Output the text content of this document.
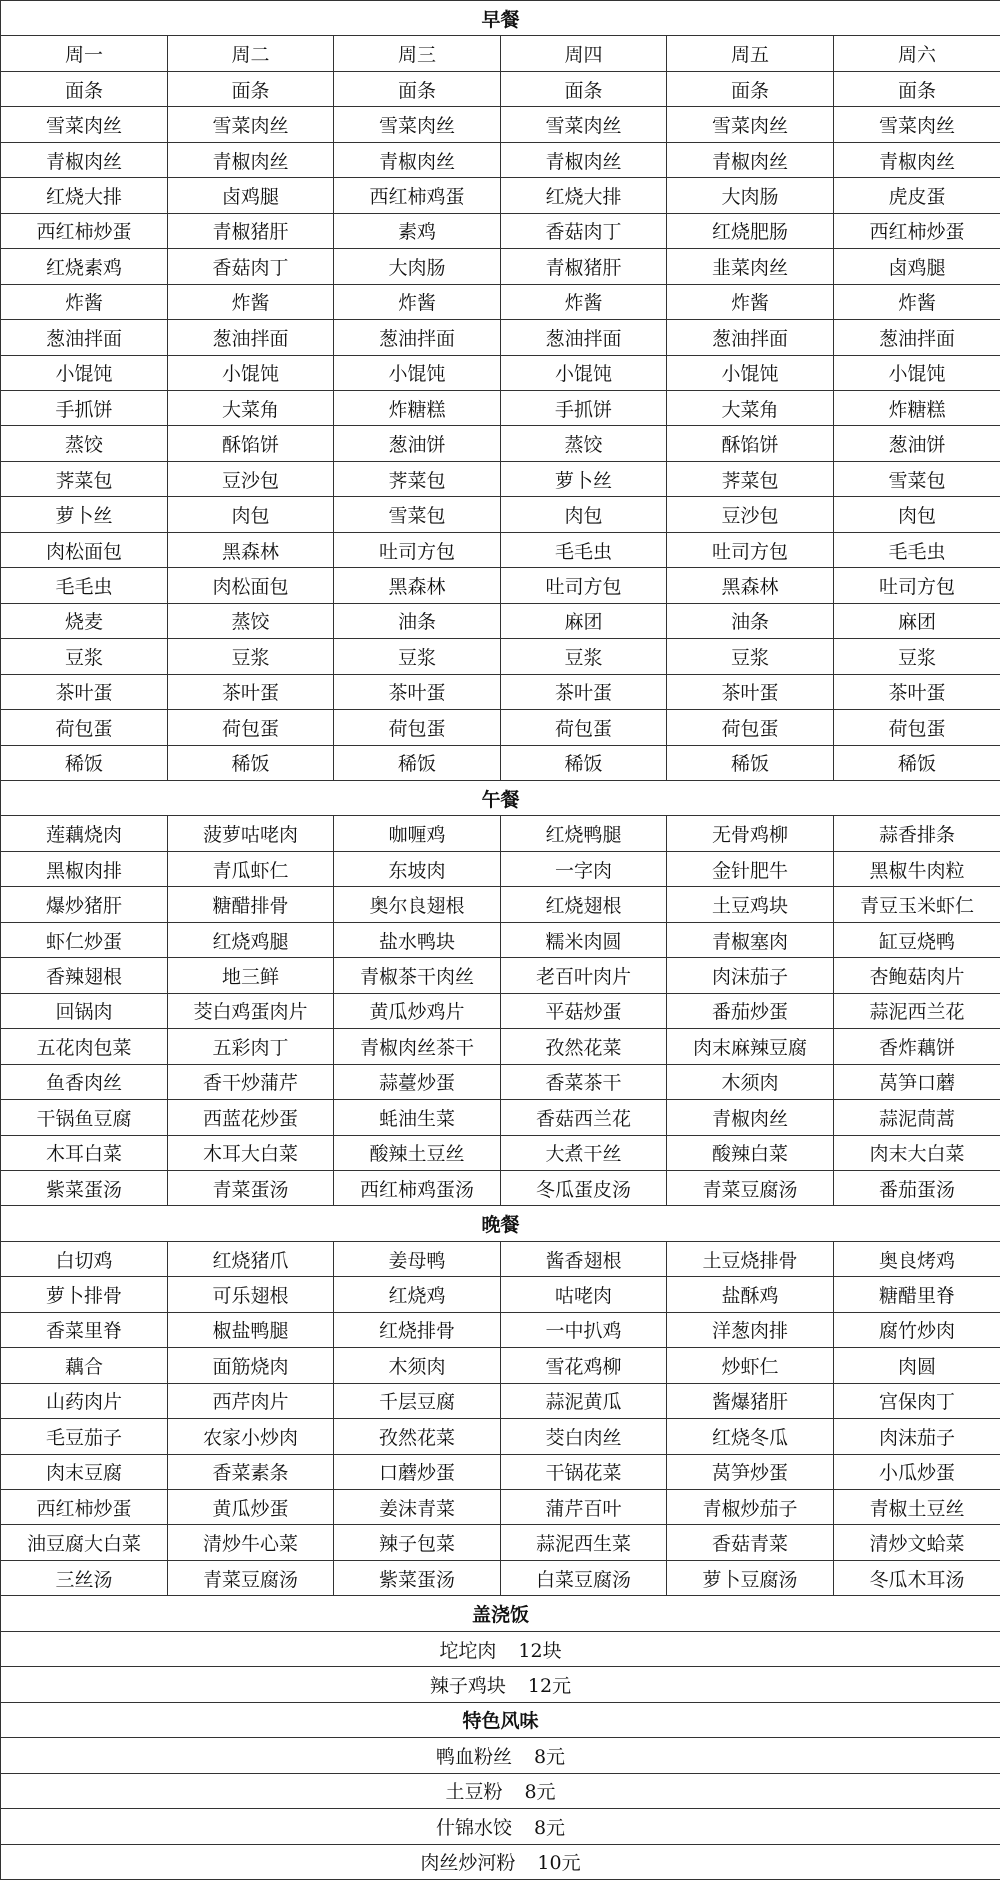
早餐					
周一	周二	周三	周四	周五	周六
面条	面条	面条	面条	面条	面条
雪菜肉丝	雪菜肉丝	雪菜肉丝	雪菜肉丝	雪菜肉丝	雪菜肉丝
青椒肉丝	青椒肉丝	青椒肉丝	青椒肉丝	青椒肉丝	青椒肉丝
红烧大排	卤鸡腿	西红柿鸡蛋	红烧大排	大肉肠	虎皮蛋
西红柿炒蛋	青椒猪肝	素鸡	香菇肉丁	红烧肥肠	西红柿炒蛋
红烧素鸡	香菇肉丁	大肉肠	青椒猪肝	韭菜肉丝	卤鸡腿
炸酱	炸酱	炸酱	炸酱	炸酱	炸酱
葱油拌面	葱油拌面	葱油拌面	葱油拌面	葱油拌面	葱油拌面
小馄饨	小馄饨	小馄饨	小馄饨	小馄饨	小馄饨
手抓饼	大菜角	炸糖糕	手抓饼	大菜角	炸糖糕
蒸饺	酥馅饼	葱油饼	蒸饺	酥馅饼	葱油饼
荠菜包	豆沙包	荠菜包	萝卜丝	荠菜包	雪菜包
萝卜丝	肉包	雪菜包	肉包	豆沙包	肉包
肉松面包	黑森林	吐司方包	毛毛虫	吐司方包	毛毛虫
毛毛虫	肉松面包	黑森林	吐司方包	黑森林	吐司方包
烧麦	蒸饺	油条	麻团	油条	麻团
豆浆	豆浆	豆浆	豆浆	豆浆	豆浆
茶叶蛋	茶叶蛋	茶叶蛋	茶叶蛋	茶叶蛋	茶叶蛋
荷包蛋	荷包蛋	荷包蛋	荷包蛋	荷包蛋	荷包蛋
稀饭	稀饭	稀饭	稀饭	稀饭	稀饭
午餐					
莲藕烧肉	菠萝咕咾肉	咖喱鸡	红烧鸭腿	无骨鸡柳	蒜香排条
黑椒肉排	青瓜虾仁	东坡肉	一字肉	金针肥牛	黑椒牛肉粒
爆炒猪肝	糖醋排骨	奥尔良翅根	红烧翅根	土豆鸡块	青豆玉米虾仁
虾仁炒蛋	红烧鸡腿	盐水鸭块	糯米肉圆	青椒塞肉	缸豆烧鸭
香辣翅根	地三鲜	青椒茶干肉丝	老百叶肉片	肉沫茄子	杏鲍菇肉片
回锅肉	茭白鸡蛋肉片	黄瓜炒鸡片	平菇炒蛋	番茄炒蛋	蒜泥西兰花
五花肉包菜	五彩肉丁	青椒肉丝茶干	孜然花菜	肉末麻辣豆腐	香炸藕饼
鱼香肉丝	香干炒蒲芹	蒜薹炒蛋	香菜茶干	木须肉	莴笋口蘑
干锅鱼豆腐	西蓝花炒蛋	蚝油生菜	香菇西兰花	青椒肉丝	蒜泥茼蒿
木耳白菜	木耳大白菜	酸辣土豆丝	大煮干丝	酸辣白菜	肉末大白菜
紫菜蛋汤	青菜蛋汤	西红柿鸡蛋汤	冬瓜蛋皮汤	青菜豆腐汤	番茄蛋汤
晚餐					
白切鸡	红烧猪爪	姜母鸭	酱香翅根	土豆烧排骨	奥良烤鸡
萝卜排骨	可乐翅根	红烧鸡	咕咾肉	盐酥鸡	糖醋里脊
香菜里脊	椒盐鸭腿	红烧排骨	一中扒鸡	洋葱肉排	腐竹炒肉
藕合	面筋烧肉	木须肉	雪花鸡柳	炒虾仁	肉圆
山药肉片	西芹肉片	千层豆腐	蒜泥黄瓜	酱爆猪肝	宫保肉丁
毛豆茄子	农家小炒肉	孜然花菜	茭白肉丝	红烧冬瓜	肉沫茄子
肉末豆腐	香菜素条	口蘑炒蛋	干锅花菜	莴笋炒蛋	小瓜炒蛋
西红柿炒蛋	黄瓜炒蛋	姜沫青菜	蒲芹百叶	青椒炒茄子	青椒土豆丝
油豆腐大白菜	清炒牛心菜	辣子包菜	蒜泥西生菜	香菇青菜	清炒文蛤菜
三丝汤	青菜豆腐汤	紫菜蛋汤	白菜豆腐汤	萝卜豆腐汤	冬瓜木耳汤
盖浇饭					
坨坨肉 12块					
辣子鸡块 12元					
特色风味					
鸭血粉丝 8元					
土豆粉 8元					
什锦水饺 8元					
肉丝炒河粉 10元					
